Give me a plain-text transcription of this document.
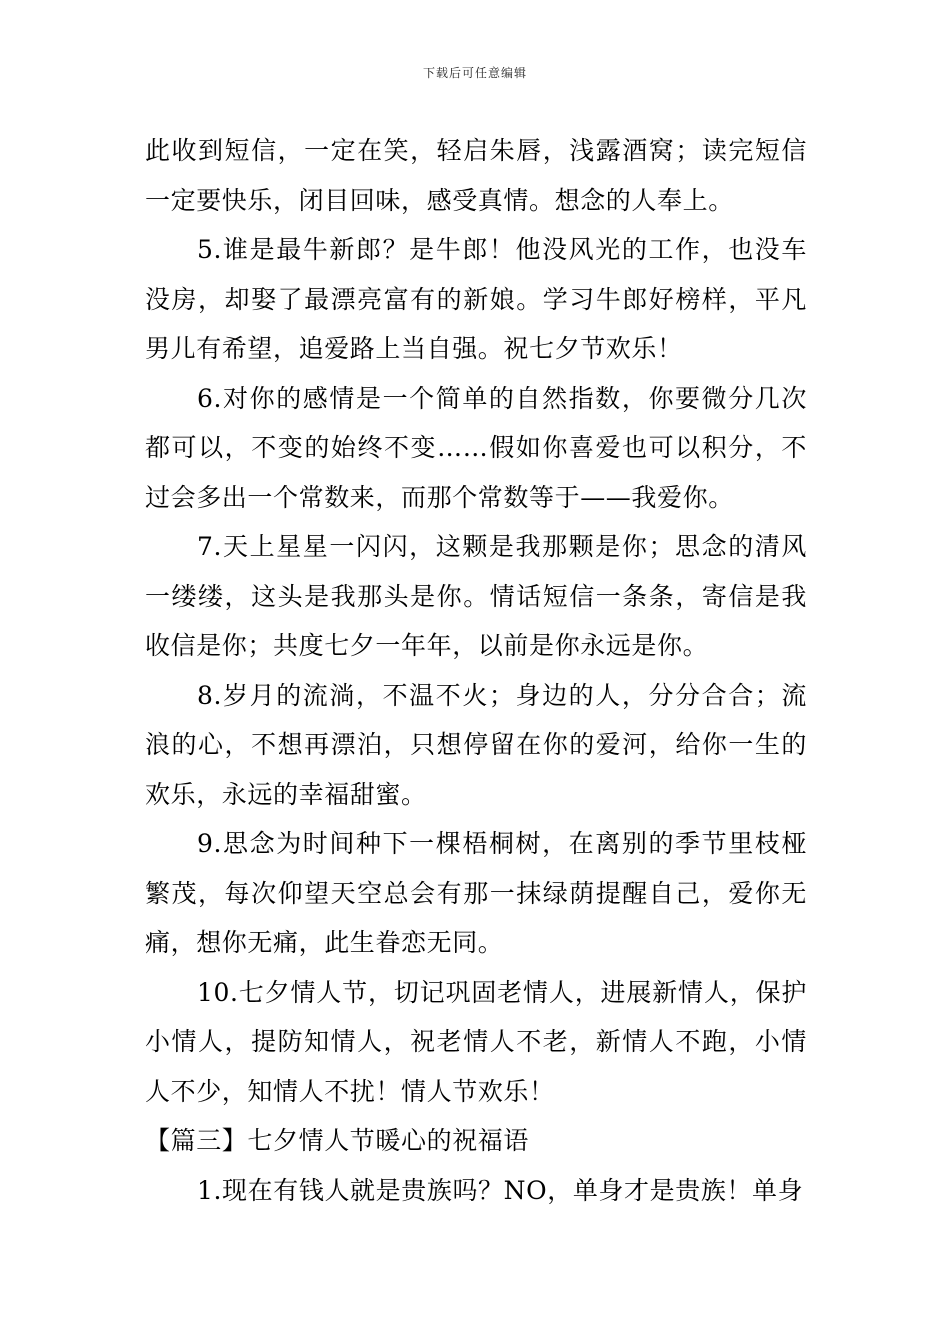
下载后可任意编辑

此收到短信，一定在笑，轻启朱唇，浅露酒窝；读完短信一定要快乐，闭目回味，感受真情。想念的人奉上。

5.谁是最牛新郎？是牛郎！他没风光的工作，也没车没房，却娶了最漂亮富有的新娘。学习牛郎好榜样，平凡男儿有希望，追爱路上当自强。祝七夕节欢乐！

6.对你的感情是一个简单的自然指数，你要微分几次都可以，不变的始终不变……假如你喜爱也可以积分，不过会多出一个常数来，而那个常数等于——我爱你。

7.天上星星一闪闪，这颗是我那颗是你；思念的清风一缕缕，这头是我那头是你。情话短信一条条，寄信是我收信是你；共度七夕一年年，以前是你永远是你。

8.岁月的流淌，不温不火；身边的人，分分合合；流浪的心，不想再漂泊，只想停留在你的爱河，给你一生的欢乐，永远的幸福甜蜜。

9.思念为时间种下一棵梧桐树，在离别的季节里枝桠繁茂，每次仰望天空总会有那一抹绿荫提醒自己，爱你无痛，想你无痛，此生眷恋无同。

10.七夕情人节，切记巩固老情人，进展新情人，保护小情人，提防知情人，祝老情人不老，新情人不跑，小情人不少，知情人不扰！情人节欢乐！

【篇三】七夕情人节暖心的祝福语

1.现在有钱人就是贵族吗？NO，单身才是贵族！单身
